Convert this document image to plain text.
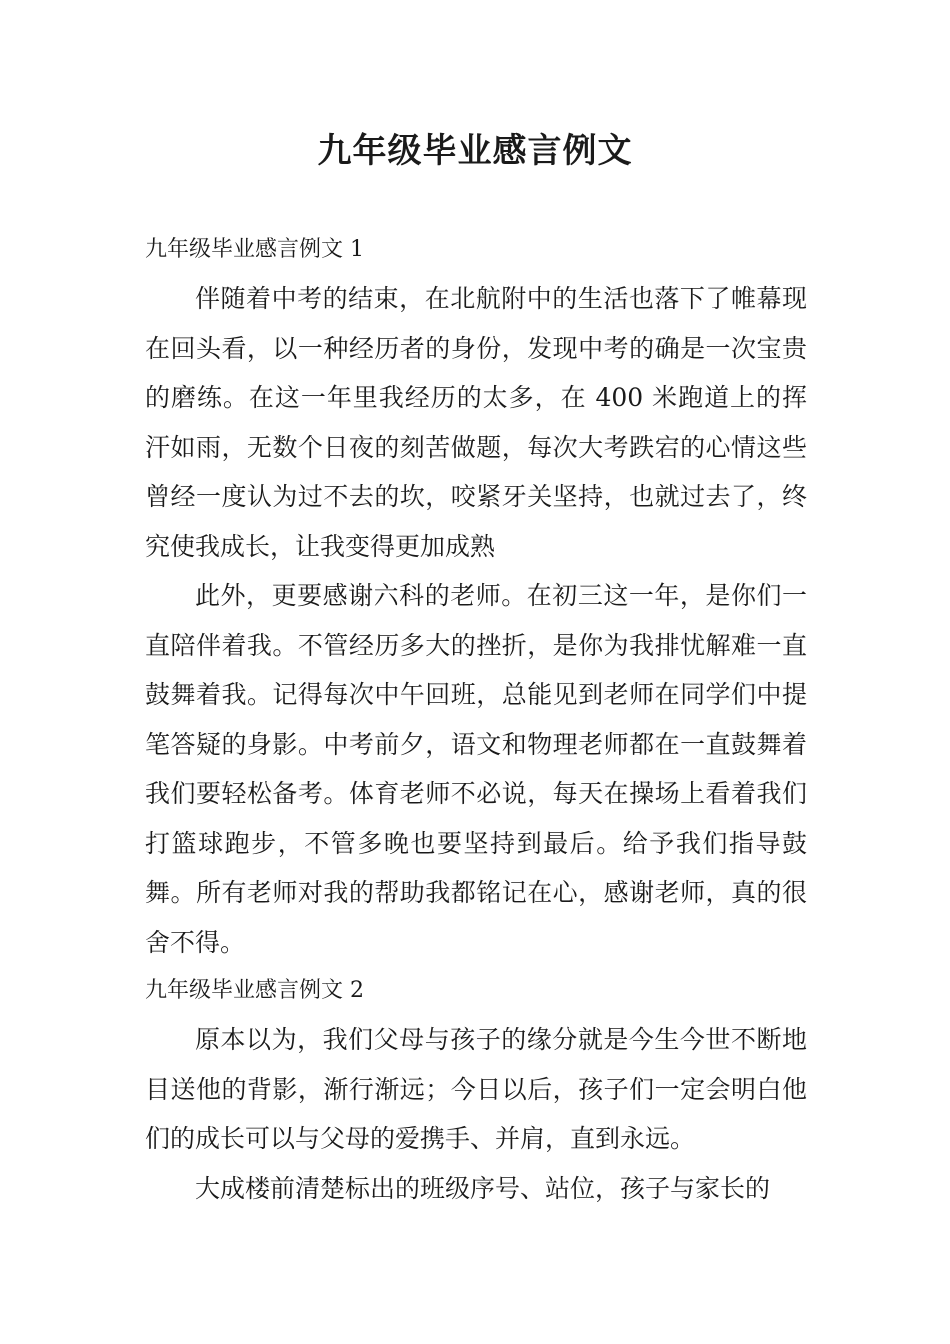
九年级毕业感言例文

九年级毕业感言例文 1

伴随着中考的结束，在北航附中的生活也落下了帷幕现在回头看，以一种经历者的身份，发现中考的确是一次宝贵的磨练。在这一年里我经历的太多，在 400 米跑道上的挥汗如雨，无数个日夜的刻苦做题，每次大考跌宕的心情这些曾经一度认为过不去的坎，咬紧牙关坚持，也就过去了，终究使我成长，让我变得更加成熟

此外，更要感谢六科的老师。在初三这一年，是你们一直陪伴着我。不管经历多大的挫折，是你为我排忧解难一直鼓舞着我。记得每次中午回班，总能见到老师在同学们中提笔答疑的身影。中考前夕，语文和物理老师都在一直鼓舞着我们要轻松备考。体育老师不必说，每天在操场上看着我们打篮球跑步，不管多晚也要坚持到最后。给予我们指导鼓舞。所有老师对我的帮助我都铭记在心，感谢老师，真的很舍不得。

九年级毕业感言例文 2

原本以为，我们父母与孩子的缘分就是今生今世不断地目送他的背影，渐行渐远；今日以后，孩子们一定会明白他们的成长可以与父母的爱携手、并肩，直到永远。

大成楼前清楚标出的班级序号、站位，孩子与家长的
